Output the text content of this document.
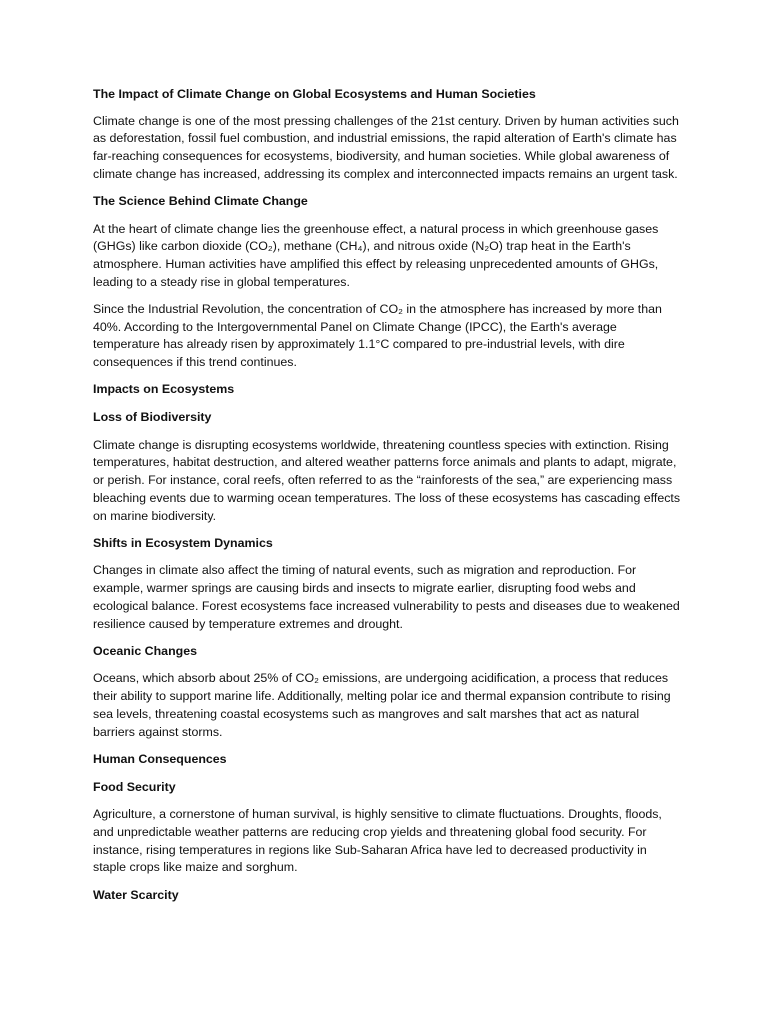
The Impact of Climate Change on Global Ecosystems and Human Societies

Climate change is one of the most pressing challenges of the 21st century. Driven by human activities such as deforestation, fossil fuel combustion, and industrial emissions, the rapid alteration of Earth's climate has far-reaching consequences for ecosystems, biodiversity, and human societies. While global awareness of climate change has increased, addressing its complex and interconnected impacts remains an urgent task.

The Science Behind Climate Change

At the heart of climate change lies the greenhouse effect, a natural process in which greenhouse gases (GHGs) like carbon dioxide (CO₂), methane (CH₄), and nitrous oxide (N₂O) trap heat in the Earth's atmosphere. Human activities have amplified this effect by releasing unprecedented amounts of GHGs, leading to a steady rise in global temperatures.

Since the Industrial Revolution, the concentration of CO₂ in the atmosphere has increased by more than 40%. According to the Intergovernmental Panel on Climate Change (IPCC), the Earth's average temperature has already risen by approximately 1.1°C compared to pre-industrial levels, with dire consequences if this trend continues.

Impacts on Ecosystems
Loss of Biodiversity

Climate change is disrupting ecosystems worldwide, threatening countless species with extinction. Rising temperatures, habitat destruction, and altered weather patterns force animals and plants to adapt, migrate, or perish. For instance, coral reefs, often referred to as the “rainforests of the sea,” are experiencing mass bleaching events due to warming ocean temperatures. The loss of these ecosystems has cascading effects on marine biodiversity.

Shifts in Ecosystem Dynamics

Changes in climate also affect the timing of natural events, such as migration and reproduction. For example, warmer springs are causing birds and insects to migrate earlier, disrupting food webs and ecological balance. Forest ecosystems face increased vulnerability to pests and diseases due to weakened resilience caused by temperature extremes and drought.

Oceanic Changes

Oceans, which absorb about 25% of CO₂ emissions, are undergoing acidification, a process that reduces their ability to support marine life. Additionally, melting polar ice and thermal expansion contribute to rising sea levels, threatening coastal ecosystems such as mangroves and salt marshes that act as natural barriers against storms.

Human Consequences
Food Security

Agriculture, a cornerstone of human survival, is highly sensitive to climate fluctuations. Droughts, floods, and unpredictable weather patterns are reducing crop yields and threatening global food security. For instance, rising temperatures in regions like Sub-Saharan Africa have led to decreased productivity in staple crops like maize and sorghum.

Water Scarcity
